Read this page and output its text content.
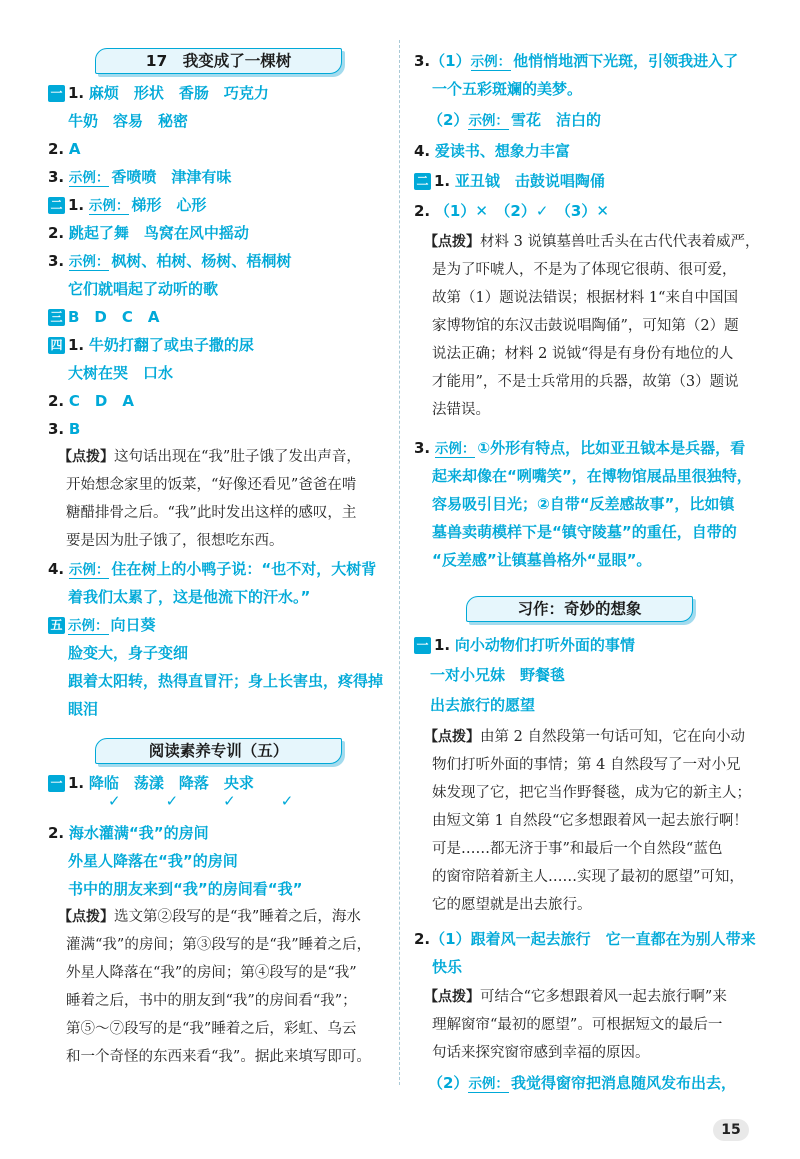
17　我变成了一棵树
一 1. 麻烦　形状　香肠　巧克力
牛奶　容易　秘密
2. A
3. 示例： 香喷喷　津津有味
二 1. 示例： 梯形　心形
2. 跳起了舞　鸟窝在风中摇动
3. 示例： 枫树、柏树、杨树、梧桐树
它们就唱起了动听的歌
三 B　D　C　A
四 1. 牛奶打翻了或虫子撒的尿
大树在哭　口水
2. C　D　A
3. B
【点拨】这句话出现在“我”肚子饿了发出声音，
开始想念家里的饭菜，“好像还看见”爸爸在啃
糖醋排骨之后。“我”此时发出这样的感叹，主
要是因为肚子饿了，很想吃东西。
4. 示例： 住在树上的小鸭子说：“也不对，大树背
着我们太累了，这是他流下的汗水。”
五 示例： 向日葵
脸变大，身子变细
跟着太阳转，热得直冒汗；身上长害虫，疼得掉
眼泪
阅读素养专训（五）
一 1. 降临　荡漾　降落　央求
✓　　　✓　　　✓　　　✓
2. 海水灌满“我”的房间
外星人降落在“我”的房间
书中的朋友来到“我”的房间看“我”
【点拨】选文第②段写的是“我”睡着之后，海水
灌满“我”的房间；第③段写的是“我”睡着之后，
外星人降落在“我”的房间；第④段写的是“我”
睡着之后，书中的朋友到“我”的房间看“我”；
第⑤～⑦段写的是“我”睡着之后，彩虹、乌云
和一个奇怪的东西来看“我”。据此来填写即可。
3.（1）示例： 他悄悄地洒下光斑，引领我进入了
一个五彩斑斓的美梦。
（2）示例： 雪花　洁白的
4. 爱读书、想象力丰富
二 1. 亚丑钺　击鼓说唱陶俑
2. （1）✕　（2）✓　（3）✕
【点拨】材料 3 说镇墓兽吐舌头在古代代表着威严，
是为了吓唬人，不是为了体现它很萌、很可爱，
故第（1）题说法错误；根据材料 1“来自中国国
家博物馆的东汉击鼓说唱陶俑”，可知第（2）题
说法正确；材料 2 说钺“得是有身份有地位的人
才能用”，不是士兵常用的兵器，故第（3）题说
法错误。
3. 示例： ①外形有特点，比如亚丑钺本是兵器，看
起来却像在“咧嘴笑”，在博物馆展品里很独特，
容易吸引目光；②自带“反差感故事”，比如镇
墓兽卖萌模样下是“镇守陵墓”的重任，自带的
“反差感”让镇墓兽格外“显眼”。
习作：奇妙的想象
一 1. 向小动物们打听外面的事情
一对小兄妹　野餐毯
出去旅行的愿望
【点拨】由第 2 自然段第一句话可知，它在向小动
物们打听外面的事情；第 4 自然段写了一对小兄
妹发现了它，把它当作野餐毯，成为它的新主人；
由短文第 1 自然段“它多想跟着风一起去旅行啊！
可是……都无济于事”和最后一个自然段“蓝色
的窗帘陪着新主人……实现了最初的愿望”可知，
它的愿望就是出去旅行。
2.（1）跟着风一起去旅行　它一直都在为别人带来
快乐
【点拨】可结合“它多想跟着风一起去旅行啊”来
理解窗帘“最初的愿望”。可根据短文的最后一
句话来探究窗帘感到幸福的原因。
（2）示例： 我觉得窗帘把消息随风发布出去，
15
